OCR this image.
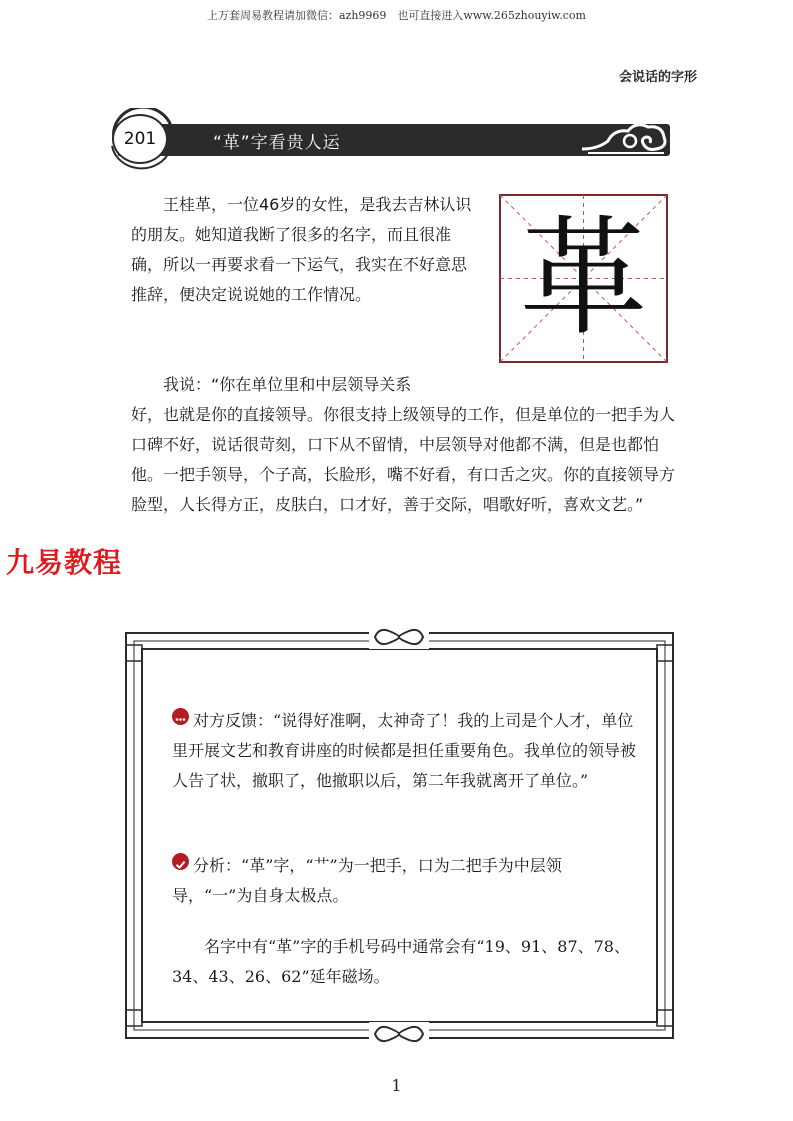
上万套周易教程请加微信：azh9969　也可直接进入www.265zhouyiw.com
会说话的字形
201	“革”字看贵人运
王桂革，一位46岁的女性，是我去吉林认识的朋友。她知道我断了很多的名字，而且很准确，所以一再要求看一下运气，我实在不好意思推辞，便决定说说她的工作情况。	革
我说：“你在单位里和中层领导关系
好，也就是你的直接领导。你很支持上级领导的工作，但是单位的一把手为人口碑不好，说话很苛刻，口下从不留情，中层领导对他都不满，但是也都怕他。一把手领导，个子高，长脸形，嘴不好看，有口舌之灾。你的直接领导方脸型，人长得方正，皮肤白，口才好，善于交际，唱歌好听，喜欢文艺。”
九易教程
对方反馈：“说得好准啊，太神奇了！我的上司是个人才，单位里开展文艺和教育讲座的时候都是担任重要角色。我单位的领导被人告了状，撤职了，他撤职以后，第二年我就离开了单位。”
分析：“革”字，“艹”为一把手，口为二把手为中层领导，“一”为自身太极点。
名字中有“革”字的手机号码中通常会有“19、91、87、78、34、43、26、62”延年磁场。
1
